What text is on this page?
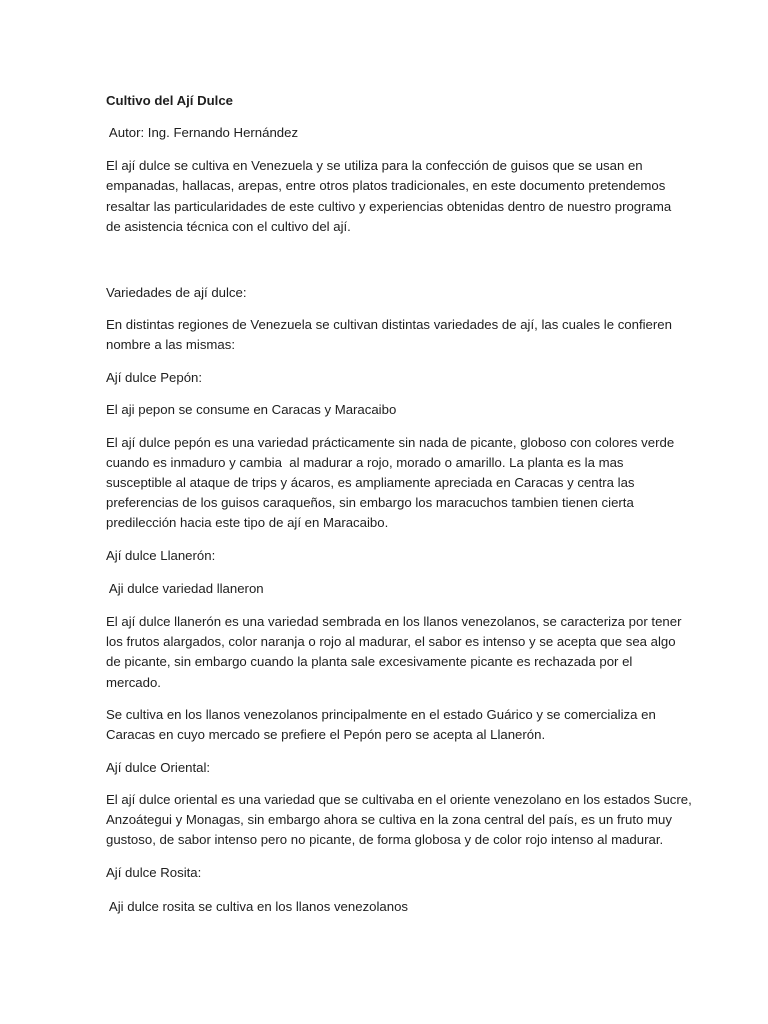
Cultivo del Ají Dulce

Autor: Ing. Fernando Hernández

El ají dulce se cultiva en Venezuela y se utiliza para la confección de guisos que se usan en

empanadas, hallacas, arepas, entre otros platos tradicionales, en este documento pretendemos

resaltar las particularidades de este cultivo y experiencias obtenidas dentro de nuestro programa

de asistencia técnica con el cultivo del ají.

Variedades de ají dulce:

En distintas regiones de Venezuela se cultivan distintas variedades de ají, las cuales le confieren

nombre a las mismas:

Ají dulce Pepón:

El aji pepon se consume en Caracas y Maracaibo

El ají dulce pepón es una variedad prácticamente sin nada de picante, globoso con colores verde

cuando es inmaduro y cambia  al madurar a rojo, morado o amarillo. La planta es la mas

susceptible al ataque de trips y ácaros, es ampliamente apreciada en Caracas y centra las

preferencias de los guisos caraqueños, sin embargo los maracuchos tambien tienen cierta

predilección hacia este tipo de ají en Maracaibo.

Ají dulce Llanerón:

Aji dulce variedad llaneron

El ají dulce llanerón es una variedad sembrada en los llanos venezolanos, se caracteriza por tener

los frutos alargados, color naranja o rojo al madurar, el sabor es intenso y se acepta que sea algo

de picante, sin embargo cuando la planta sale excesivamente picante es rechazada por el

mercado.

Se cultiva en los llanos venezolanos principalmente en el estado Guárico y se comercializa en

Caracas en cuyo mercado se prefiere el Pepón pero se acepta al Llanerón.

Ají dulce Oriental:

El ají dulce oriental es una variedad que se cultivaba en el oriente venezolano en los estados Sucre,

Anzoátegui y Monagas, sin embargo ahora se cultiva en la zona central del país, es un fruto muy

gustoso, de sabor intenso pero no picante, de forma globosa y de color rojo intenso al madurar.

Ají dulce Rosita:

Aji dulce rosita se cultiva en los llanos venezolanos
